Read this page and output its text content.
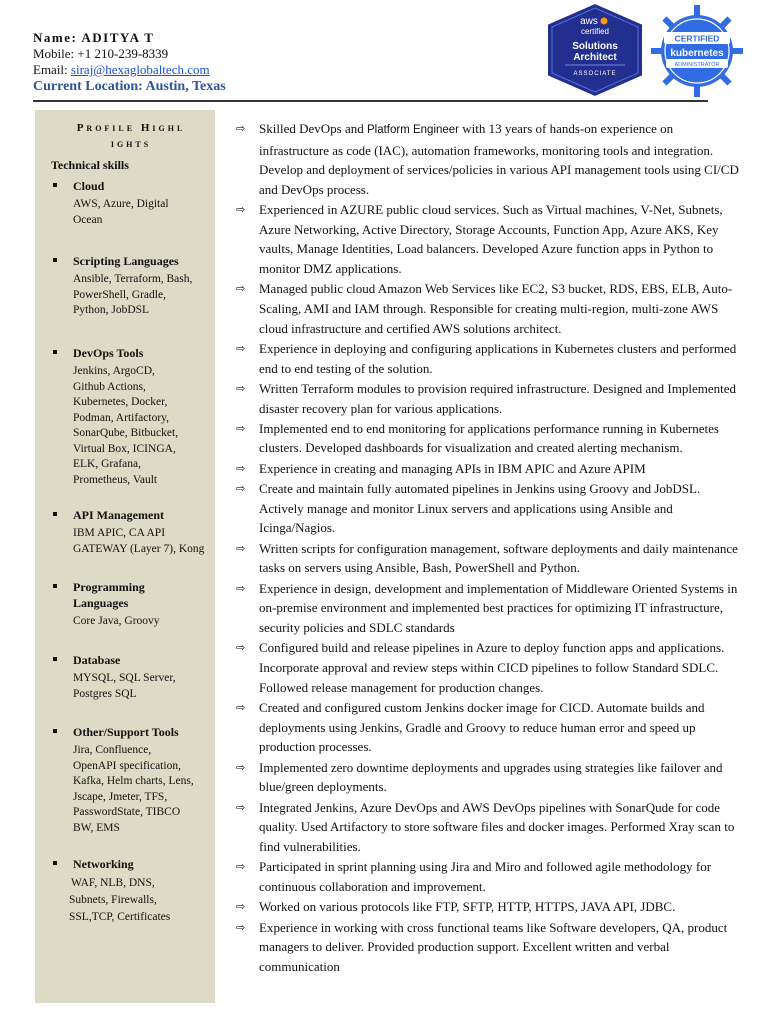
Name: ADITYA T
Mobile: +1 210-239-8339
Email: siraj@hexaglobaltech.com
Current Location: Austin, Texas
aws
certified
Solutions
Architect
ASSOCIATE
CERTIFIED
kubernetes
ADMINISTRATOR
Profile Highl
ights
Technical skills
Cloud
AWS, Azure, Digital
Ocean
Scripting Languages
Ansible, Terraform, Bash,
PowerShell, Gradle,
Python, JobDSL
DevOps Tools
Jenkins, ArgoCD,
Github Actions,
Kubernetes, Docker,
Podman, Artifactory,
SonarQube, Bitbucket,
Virtual Box, ICINGA,
ELK, Grafana,
Prometheus, Vault
API Management
IBM APIC, CA API
GATEWAY (Layer 7), Kong
Programming Languages
Core Java, Groovy
Database
MYSQL, SQL Server,
Postgres SQL
Other/Support Tools
Jira, Confluence,
OpenAPI specification,
Kafka, Helm charts, Lens,
Jscape, Jmeter, TFS,
PasswordState, TIBCO
BW, EMS
Networking
WAF, NLB, DNS,
Subnets, Firewalls,
SSL,TCP, Certificates
⇨ Skilled DevOps and Platform Engineer with 13 years of hands-on experience on infrastructure as code (IAC), automation frameworks, monitoring tools and integration. Develop and deployment of services/policies in various API management tools using CI/CD and DevOps process.
⇨ Experienced in AZURE public cloud services. Such as Virtual machines, V-Net, Subnets, Azure Networking, Active Directory, Storage Accounts, Function App, Azure AKS, Key vaults, Manage Identities, Load balancers. Developed Azure function apps in Python to monitor DMZ applications.
⇨ Managed public cloud Amazon Web Services like EC2, S3 bucket, RDS, EBS, ELB, Auto-Scaling, AMI and IAM through. Responsible for creating multi-region, multi-zone AWS cloud infrastructure and certified AWS solutions architect.
⇨ Experience in deploying and configuring applications in Kubernetes clusters and performed end to end testing of the solution.
⇨ Written Terraform modules to provision required infrastructure. Designed and Implemented disaster recovery plan for various applications.
⇨ Implemented end to end monitoring for applications performance running in Kubernetes clusters. Developed dashboards for visualization and created alerting mechanism.
⇨ Experience in creating and managing APIs in IBM APIC and Azure APIM
⇨ Create and maintain fully automated pipelines in Jenkins using Groovy and JobDSL. Actively manage and monitor Linux servers and applications using Ansible and Icinga/Nagios.
⇨ Written scripts for configuration management, software deployments and daily maintenance tasks on servers using Ansible, Bash, PowerShell and Python.
⇨ Experience in design, development and implementation of Middleware Oriented Systems in on-premise environment and implemented best practices for optimizing IT infrastructure, security policies and SDLC standards
⇨ Configured build and release pipelines in Azure to deploy function apps and applications. Incorporate approval and review steps within CICD pipelines to follow Standard SDLC. Followed release management for production changes.
⇨ Created and configured custom Jenkins docker image for CICD. Automate builds and deployments using Jenkins, Gradle and Groovy to reduce human error and speed up production processes.
⇨ Implemented zero downtime deployments and upgrades using strategies like failover and blue/green deployments.
⇨ Integrated Jenkins, Azure DevOps and AWS DevOps pipelines with SonarQude for code quality. Used Artifactory to store software files and docker images. Performed Xray scan to find vulnerabilities.
⇨ Participated in sprint planning using Jira and Miro and followed agile methodology for continuous collaboration and improvement.
⇨ Worked on various protocols like FTP, SFTP, HTTP, HTTPS, JAVA API, JDBC.
⇨ Experience in working with cross functional teams like Software developers, QA, product managers to deliver. Provided production support. Excellent written and verbal communication
